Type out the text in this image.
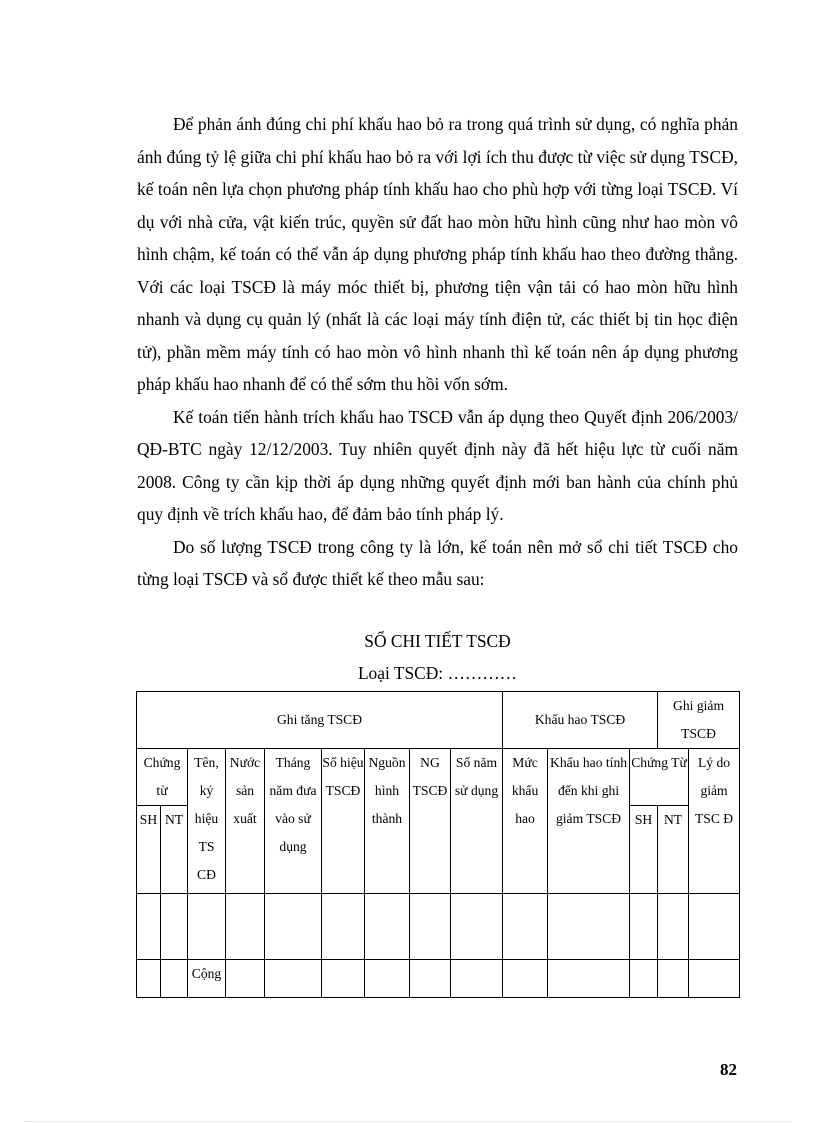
Để phản ánh đúng chi phí khấu hao bỏ ra trong quá trình sử dụng, có nghĩa phản ánh đúng tỷ lệ giữa chi phí khấu hao bỏ ra với lợi ích thu được từ việc sử dụng TSCĐ, kế toán nên lựa chọn phương pháp tính khấu hao cho phù hợp với từng loại TSCĐ. Ví dụ với nhà cửa, vật kiến trúc, quyền sử đất hao mòn hữu hình cũng như hao mòn vô hình chậm, kế toán có thể vẫn áp dụng phương pháp tính khấu hao theo đường thẳng. Với các loại TSCĐ là máy móc thiết bị, phương tiện vận tải có hao mòn hữu hình nhanh và dụng cụ quản lý (nhất là các loại máy tính điện tử, các thiết bị tin học điện tử), phần mềm máy tính có hao mòn vô hình nhanh thì kế toán nên áp dụng phương pháp khấu hao nhanh để có thể sớm thu hồi vốn sớm.

Kế toán tiến hành trích khấu hao TSCĐ vẫn áp dụng theo Quyết định 206/2003/ QĐ-BTC ngày 12/12/2003. Tuy nhiên quyết định này đã hết hiệu lực từ cuối năm 2008. Công ty cần kịp thời áp dụng những quyết định mới ban hành của chính phủ quy định về trích khấu hao, để đảm bảo tính pháp lý.

Do số lượng TSCĐ trong công ty là lớn, kế toán nên mở sổ chi tiết TSCĐ cho từng loại TSCĐ và sổ được thiết kế theo mẫu sau:

SỔ CHI TIẾT TSCĐ
Loại TSCĐ: …………
Ghi tăng TSCĐ									Khấu hao TSCĐ			Ghi giảm TSCĐ	
Chứng từ		Tên, ký hiệu TS CĐ	Nước sản xuất	Tháng năm đưa vào sử dụng	Số hiệu TSCĐ	Nguồn hình thành	NG TSCĐ	Số năm sử dụng	Mức khấu hao	Khấu hao tính đến khi ghi giảm TSCĐ	Chứng Từ		Lý do giảm TSC Đ
SH	NT										SH	NT	

		Cộng											
82
